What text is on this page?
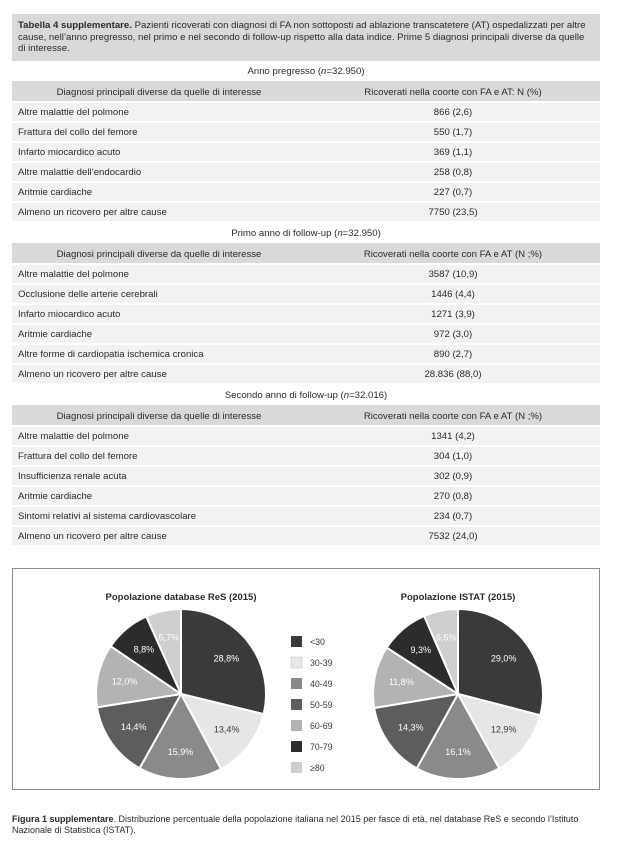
Tabella 4 supplementare. Pazienti ricoverati con diagnosi di FA non sottoposti ad ablazione transcatetere (AT) ospedalizzati per altre cause, nell’anno pregresso, nel primo e nel secondo di follow-up rispetto alla data indice. Prime 5 diagnosi principali diverse da quelle di interesse.
Anno pregresso ( n =32.950)
Diagnosi principali diverse da quelle di interesse	Ricoverati nella coorte con FA e AT: N (%)
Altre malattie del polmone	866 (2,6)
Frattura del collo del femore	550 (1,7)
Infarto miocardico acuto	369 (1,1)
Altre malattie dell’endocardio	258 (0,8)
Aritmie cardiache	227 (0,7)
Almeno un ricovero per altre cause	7750 (23,5)
Primo anno di follow-up ( n =32.950)
Diagnosi principali diverse da quelle di interesse	Ricoverati nella coorte con FA e AT (N ;%)
Altre malattie del polmone	3587 (10,9)
Occlusione delle arterie cerebrali	1446 (4,4)
Infarto miocardico acuto	1271 (3,9)
Aritmie cardiache	972 (3,0)
Altre forme di cardiopatia ischemica cronica	890 (2,7)
Almeno un ricovero per altre cause	28.836 (88,0)
Secondo anno di follow-up ( n =32.016)
Diagnosi principali diverse da quelle di interesse	Ricoverati nella coorte con FA e AT (N ;%)
Altre malattie del polmone	1341 (4,2)
Frattura del collo del femore	304 (1,0)
Insufficienza renale acuta	302 (0,9)
Aritmie cardiache	270 (0,8)
Sintomi relativi al sistema cardiovascolare	234 (0,7)
Almeno un ricovero per altre cause	7532 (24,0)
Popolazione database ReS (2015)
28,8%
13,4%
15,9%
14,4%
12,0%
8,8%
6,7%
Popolazione ISTAT (2015)
29,0%
12,9%
16,1%
14,3%
11,8%
9,3%
6,5%
<30
30-39
40-49
50-59
60-69
70-79
≥80
Figura 1 supplementare. Distribuzione percentuale della popolazione italiana nel 2015 per fasce di età, nel database ReS e secondo l’Istituto Nazionale di Statistica (ISTAT).
